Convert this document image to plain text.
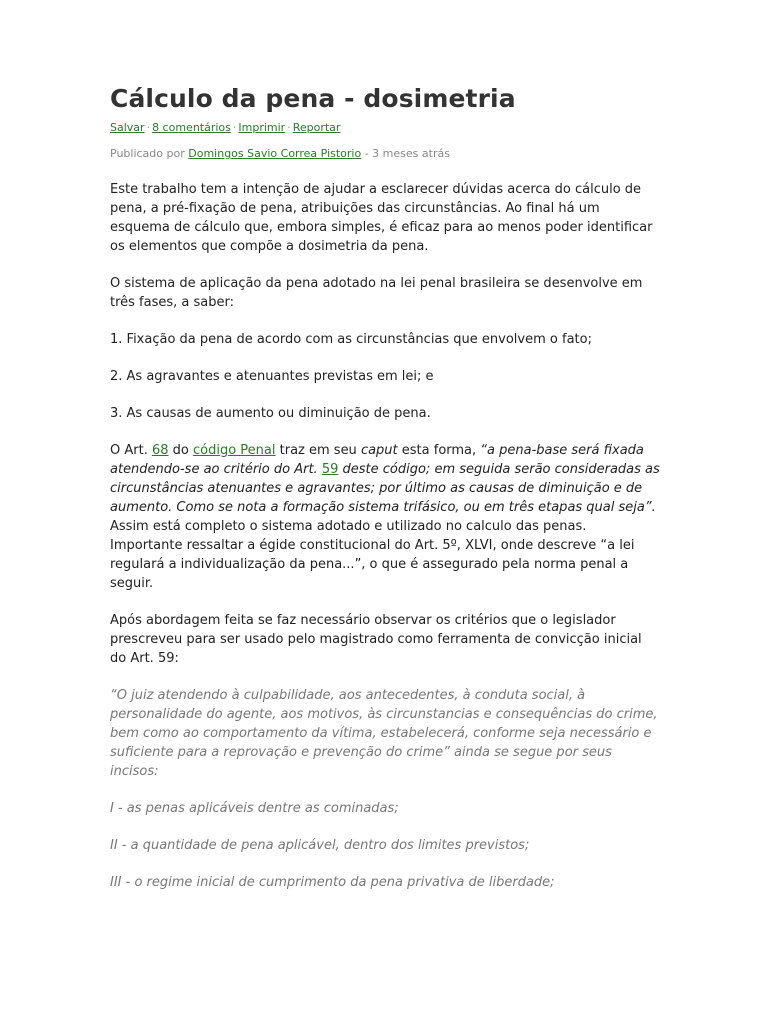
Cálculo da pena - dosimetria
Salvar · 8 comentários · Imprimir · Reportar
Publicado por Domingos Savio Correa Pistorio - 3 meses atrás

Este trabalho tem a intenção de ajudar a esclarecer dúvidas acerca do cálculo de pena, a pré-fixação de pena, atribuições das circunstâncias. Ao final há um esquema de cálculo que, embora simples, é eficaz para ao menos poder identificar os elementos que compõe a dosimetria da pena.

O sistema de aplicação da pena adotado na lei penal brasileira se desenvolve em três fases, a saber:

1. Fixação da pena de acordo com as circunstâncias que envolvem o fato;

2. As agravantes e atenuantes previstas em lei; e

3. As causas de aumento ou diminuição de pena.

O Art. 68 do código Penal traz em seu caput esta forma, “a pena-base será fixada atendendo-se ao critério do Art. 59 deste código; em seguida serão consideradas as circunstâncias atenuantes e agravantes; por último as causas de diminuição e de aumento. Como se nota a formação sistema trifásico, ou em três etapas qual seja”. Assim está completo o sistema adotado e utilizado no calculo das penas. Importante ressaltar a égide constitucional do Art. 5º, XLVI, onde descreve “a lei regulará a individualização da pena...”, o que é assegurado pela norma penal a seguir.

Após abordagem feita se faz necessário observar os critérios que o legislador prescreveu para ser usado pelo magistrado como ferramenta de convicção inicial do Art. 59:

“O juiz atendendo à culpabilidade, aos antecedentes, à conduta social, à personalidade do agente, aos motivos, às circunstancias e consequências do crime, bem como ao comportamento da vítima, estabelecerá, conforme seja necessário e suficiente para a reprovação e prevenção do crime” ainda se segue por seus incisos:

I - as penas aplicáveis dentre as cominadas;

II - a quantidade de pena aplicável, dentro dos limites previstos;

III - o regime inicial de cumprimento da pena privativa de liberdade;
